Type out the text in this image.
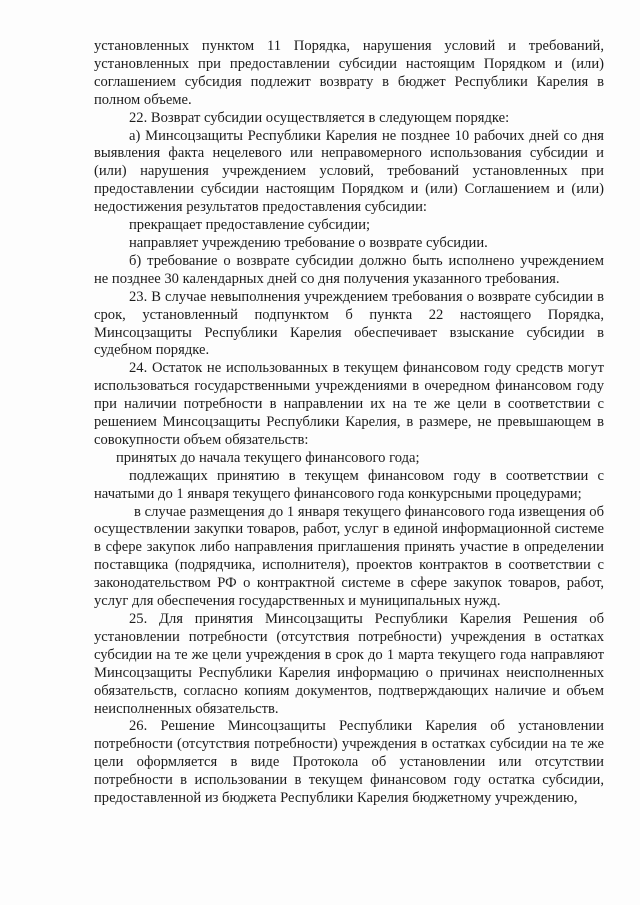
установленных пунктом 11 Порядка, нарушения условий и требований, установленных при предоставлении субсидии настоящим Порядком и (или) соглашением субсидия подлежит возврату в бюджет Республики Карелия в полном объеме.

22. Возврат субсидии осуществляется в следующем порядке:

а) Минсоцзащиты Республики Карелия не позднее 10 рабочих дней со дня выявления факта нецелевого или неправомерного использования субсидии и (или) нарушения учреждением условий, требований установленных при предоставлении субсидии настоящим Порядком и (или) Соглашением и (или) недостижения результатов предоставления субсидии:

прекращает предоставление субсидии;

направляет учреждению требование о возврате субсидии.

б) требование о возврате субсидии должно быть исполнено учреждением не позднее 30 календарных дней со дня получения указанного требования.

23. В случае невыполнения учреждением требования о возврате субсидии в срок, установленный подпунктом б пункта 22 настоящего Порядка, Минсоцзащиты Республики Карелия обеспечивает взыскание субсидии в судебном порядке.

24. Остаток не использованных в текущем финансовом году средств могут использоваться государственными учреждениями в очередном финансовом году при наличии потребности в направлении их на те же цели в соответствии с решением Минсоцзащиты Республики Карелия, в размере, не превышающем в совокупности объем обязательств:

принятых до начала текущего финансового года;

подлежащих принятию в текущем финансовом году в соответствии с начатыми до 1 января текущего финансового года конкурсными процедурами;

в случае размещения до 1 января текущего финансового года извещения об осуществлении закупки товаров, работ, услуг в единой информационной системе в сфере закупок либо направления приглашения принять участие в определении поставщика (подрядчика, исполнителя), проектов контрактов в соответствии с законодательством РФ о контрактной системе в сфере закупок товаров, работ, услуг для обеспечения государственных и муниципальных нужд.

25. Для принятия Минсоцзащиты Республики Карелия Решения об установлении потребности (отсутствия потребности) учреждения в остатках субсидии на те же цели учреждения в срок до 1 марта текущего года направляют Минсоцзащиты Республики Карелия информацию о причинах неисполненных обязательств, согласно копиям документов, подтверждающих наличие и объем неисполненных обязательств.

26. Решение Минсоцзащиты Республики Карелия об установлении потребности (отсутствия потребности) учреждения в остатках субсидии на те же цели оформляется в виде Протокола об установлении или отсутствии потребности в использовании в текущем финансовом году остатка субсидии, предоставленной из бюджета Республики Карелия бюджетному учреждению,
